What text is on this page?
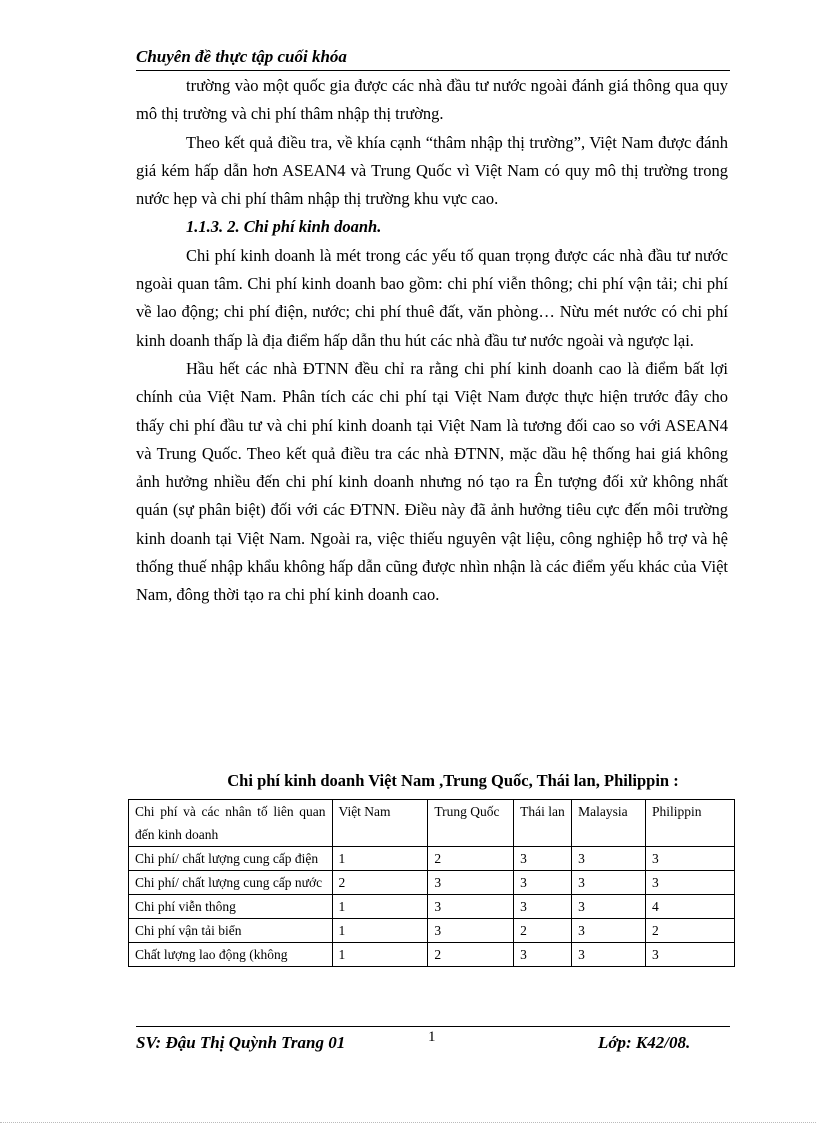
Chuyên đề thực tập cuối khóa

trường vào một quốc gia được các nhà đầu tư nước ngoài đánh giá thông qua quy mô thị trường và chi phí thâm nhập thị trường.

Theo kết quả điều tra, về khía cạnh “thâm nhập thị trường”, Việt Nam được đánh giá kém hấp dẫn hơn ASEAN4 và Trung Quốc vì Việt Nam có quy mô thị trường trong nước hẹp và chi phí thâm nhập thị trường khu vực cao.

1.1.3. 2. Chi phí kinh doanh.

Chi phí kinh doanh là mét trong các yếu tố quan trọng được các nhà đầu tư nước ngoài quan tâm. Chi phí kinh doanh bao gồm: chi phí viễn thông; chi phí vận tải; chi phí về lao động; chi phí điện, nước; chi phí thuê đất, văn phòng… Nừu mét nước có chi phí kinh doanh thấp là địa điểm hấp dẫn thu hút các nhà đầu tư nước ngoài và ngược lại.

Hầu hết các nhà ĐTNN đều chỉ ra rằng chi phí kinh doanh cao là điểm bất lợi chính của Việt Nam. Phân tích các chi phí tại Việt Nam được thực hiện trước đây cho thấy chi phí đầu tư và chi phí kinh doanh tại Việt Nam là tương đối cao so với ASEAN4 và Trung Quốc. Theo kết quả điều tra các nhà ĐTNN, mặc dầu hệ thống hai giá không ảnh hưởng nhiều đến chi phí kinh doanh nhưng nó tạo ra Ên tượng đối xử không nhất quán (sự phân biệt) đối với các ĐTNN. Điều này đã ảnh hưởng tiêu cực đến môi trường kinh doanh tại Việt Nam. Ngoài ra, việc thiếu nguyên vật liệu, công nghiệp hỗ trợ và hệ thống thuế nhập khẩu không hấp dẫn cũng được nhìn nhận là các điểm yếu khác của Việt Nam, đông thời tạo ra chi phí kinh doanh cao.

Chi phí kinh doanh Việt Nam ,Trung Quốc, Thái lan, Philippin :
Chi phí và các nhân tố liên quan đến kinh doanh	Việt Nam	Trung Quốc	Thái lan	Malaysia	Philippin
Chi phí/ chất lượng cung cấp điện	1	2	3	3	3
Chi phí/ chất lượng cung cấp nước	2	3	3	3	3
Chi phí viễn thông	1	3	3	3	4
Chi phí vận tải biển	1	3	2	3	2
Chất lượng lao động (không	1	2	3	3	3
SV: Đậu Thị Quỳnh Trang 01	1	Lớp: K42/08.
